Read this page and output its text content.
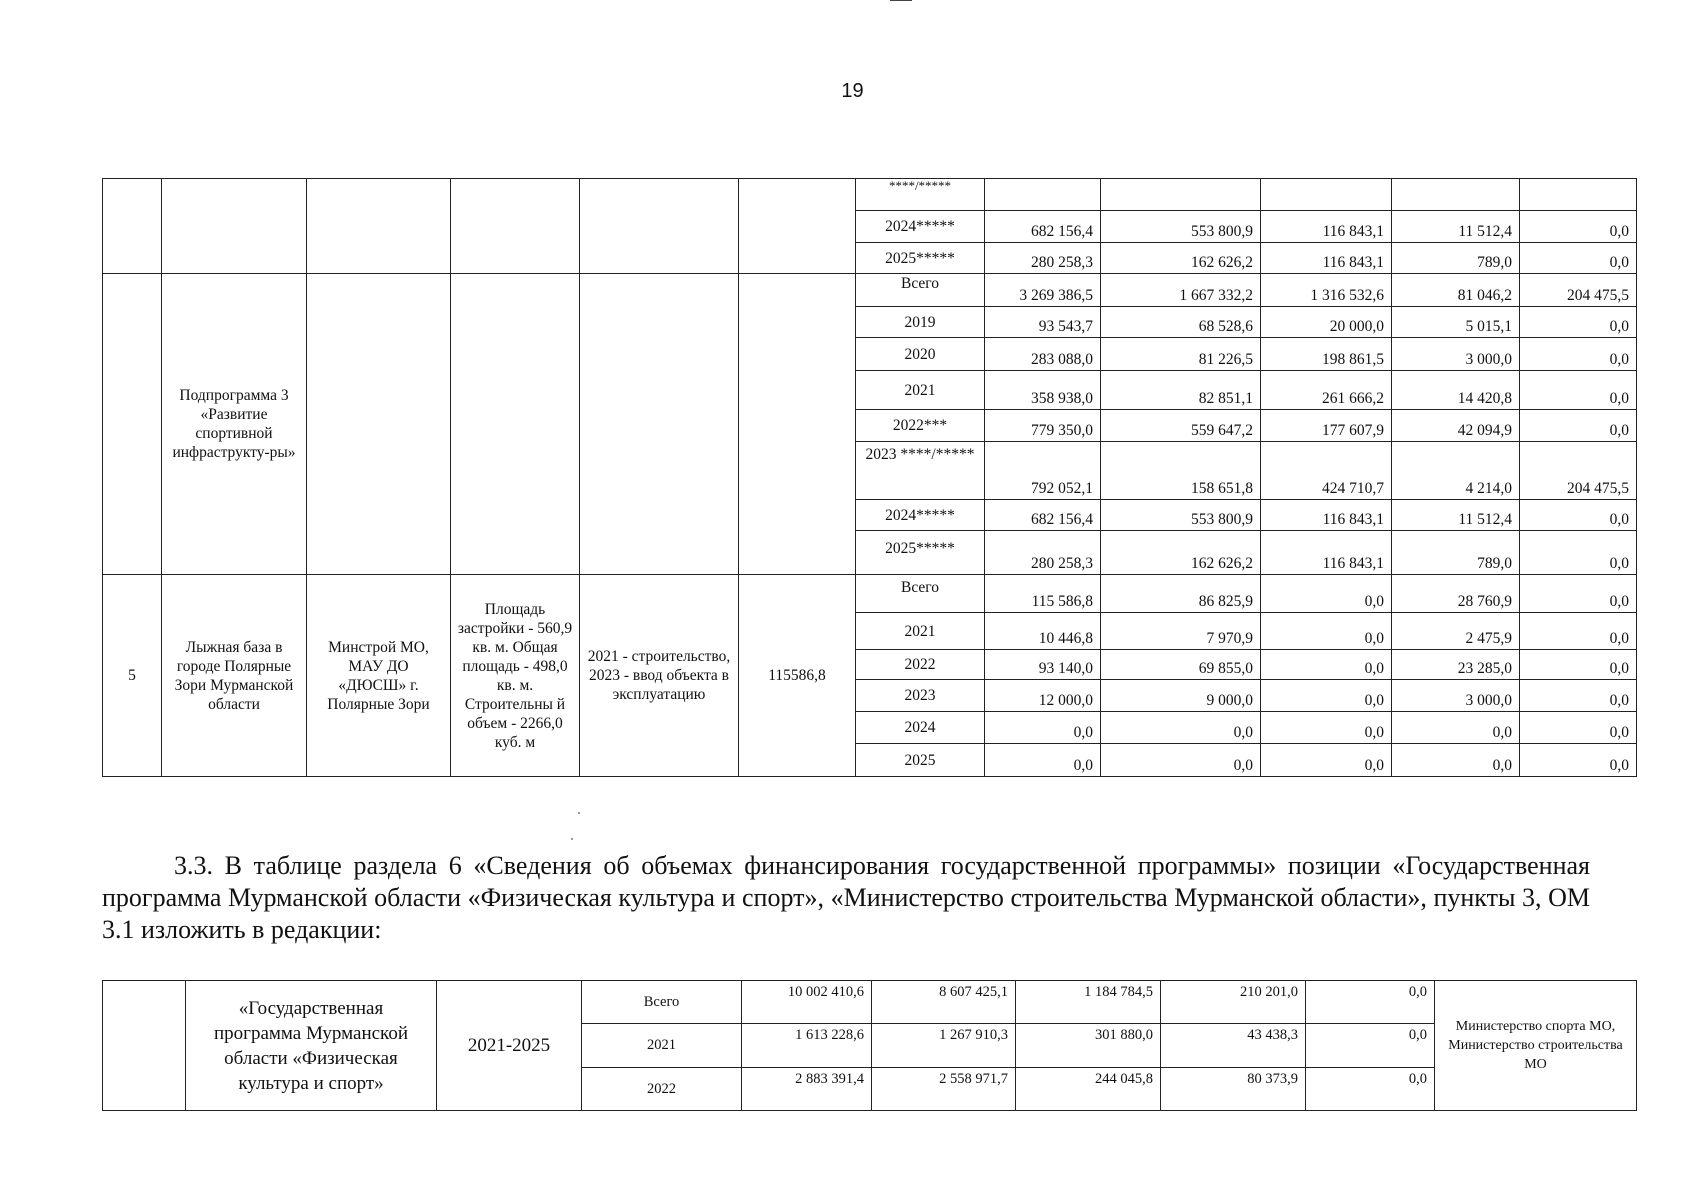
19
						****/*****					
						2024*****	682 156,4	553 800,9	116 843,1	11 512,4	0,0
						2025*****	280 258,3	162 626,2	116 843,1	789,0	0,0
	Подпрограмма 3 «Развитие спортивной инфраструкту-ры»					Всего	3 269 386,5	1 667 332,2	1 316 532,6	81 046,2	204 475,5
						2019	93 543,7	68 528,6	20 000,0	5 015,1	0,0
						2020	283 088,0	81 226,5	198 861,5	3 000,0	0,0
						2021	358 938,0	82 851,1	261 666,2	14 420,8	0,0
						2022***	779 350,0	559 647,2	177 607,9	42 094,9	0,0
						2023 ****/*****	792 052,1	158 651,8	424 710,7	4 214,0	204 475,5
						2024*****	682 156,4	553 800,9	116 843,1	11 512,4	0,0
						2025*****	280 258,3	162 626,2	116 843,1	789,0	0,0
5	Лыжная база в городе Полярные Зори Мурманской области	Минстрой МО, МАУ ДО «ДЮСШ» г. Полярные Зори	Площадь застройки - 560,9 кв. м. Общая площадь - 498,0 кв. м. Строительны й объем - 2266,0 куб. м	2021 - строительство, 2023 - ввод объекта в эксплуатацию	115586,8	Всего	115 586,8	86 825,9	0,0	28 760,9	0,0
						2021	10 446,8	7 970,9	0,0	2 475,9	0,0
						2022	93 140,0	69 855,0	0,0	23 285,0	0,0
						2023	12 000,0	9 000,0	0,0	3 000,0	0,0
						2024	0,0	0,0	0,0	0,0	0,0
						2025	0,0	0,0	0,0	0,0	0,0

3.3. В таблице раздела 6 «Сведения об объемах финансирования государственной программы» позиции «Государственная программа Мурманской области «Физическая культура и спорт», «Министерство строительства Мурманской области», пункты 3, ОМ 3.1 изложить в редакции:

	«Государственная программа Мурманской области «Физическая культура и спорт»	2021-2025	Всего	10 002 410,6	8 607 425,1	1 184 784,5	210 201,0	0,0	Министерство спорта МО, Министерство строительства МО
			2021	1 613 228,6	1 267 910,3	301 880,0	43 438,3	0,0	
			2022	2 883 391,4	2 558 971,7	244 045,8	80 373,9	0,0	
